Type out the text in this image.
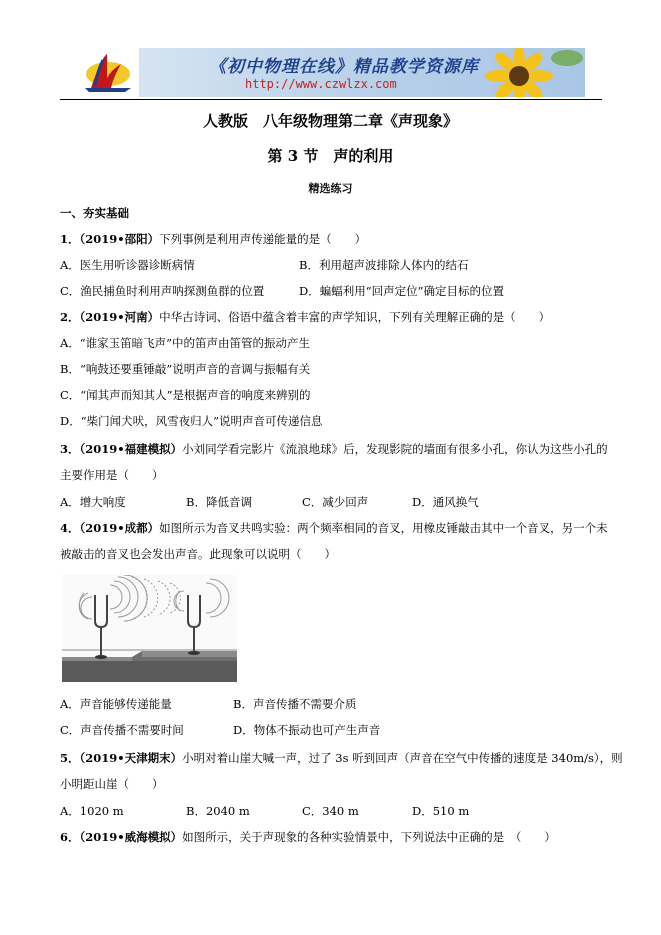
《初中物理在线》精品教学资源库
http://www.czwlzx.com
人教版　八年级物理第二章《声现象》
第 3 节　声的利用
精选练习
一、夯实基础
1．（2019•邵阳）下列事例是利用声传递能量的是（　　）
A．医生用听诊器诊断病情	B．利用超声波排除人体内的结石
C．渔民捕鱼时利用声呐探测鱼群的位置	D．蝙蝠利用“回声定位”确定目标的位置
2．（2019•河南）中华古诗词、俗语中蕴含着丰富的声学知识，下列有关理解正确的是（　　）
A．“谁家玉笛暗飞声”中的笛声由笛管的振动产生
B．“响鼓还要重锤敲”说明声音的音调与振幅有关
C．“闻其声而知其人”是根据声音的响度来辨别的
D．“柴门闻犬吠，风雪夜归人”说明声音可传递信息
3．（2019•福建模拟）小刘同学看完影片《流浪地球》后，发现影院的墙面有很多小孔，你认为这些小孔的
主要作用是（　　）
A．增大响度	B．降低音调	C．减少回声	D．通风换气
4．（2019•成都）如图所示为音叉共鸣实验：两个频率相同的音叉，用橡皮锤敲击其中一个音叉，另一个未
被敲击的音叉也会发出声音。此现象可以说明（　　）
A．声音能够传递能量	B．声音传播不需要介质
C．声音传播不需要时间	D．物体不振动也可产生声音
5．（2019•天津期末）小明对着山崖大喊一声，过了 3s 听到回声（声音在空气中传播的速度是 340m/s），则
小明距山崖（　　）
A．1020 m	B．2040 m	C．340 m	D．510 m
6．（2019•威海模拟）如图所示，关于声现象的各种实验情景中，下列说法中正确的是　（　　）
